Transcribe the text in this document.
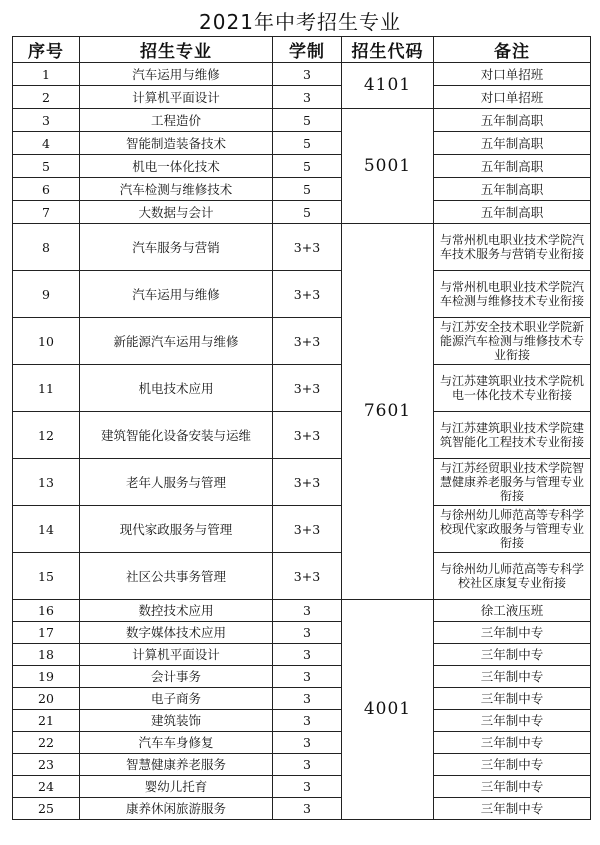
2021年中考招生专业
序号	招生专业	学制	招生代码	备注
1	汽车运用与维修	3	4101	对口单招班
2	计算机平面设计	3		对口单招班
3	工程造价	5	5001	五年制高职
4	智能制造装备技术	5		五年制高职
5	机电一体化技术	5		五年制高职
6	汽车检测与维修技术	5		五年制高职
7	大数据与会计	5		五年制高职
8	汽车服务与营销	3+3	7601	与常州机电职业技术学院汽车技术服务与营销专业衔接
9	汽车运用与维修	3+3		与常州机电职业技术学院汽车检测与维修技术专业衔接
10	新能源汽车运用与维修	3+3		与江苏安全技术职业学院新能源汽车检测与维修技术专业衔接
11	机电技术应用	3+3		与江苏建筑职业技术学院机电一体化技术专业衔接
12	建筑智能化设备安装与运维	3+3		与江苏建筑职业技术学院建筑智能化工程技术专业衔接
13	老年人服务与管理	3+3		与江苏经贸职业技术学院智慧健康养老服务与管理专业衔接
14	现代家政服务与管理	3+3		与徐州幼儿师范高等专科学校现代家政服务与管理专业衔接
15	社区公共事务管理	3+3		与徐州幼儿师范高等专科学校社区康复专业衔接
16	数控技术应用	3	4001	徐工液压班
17	数字媒体技术应用	3		三年制中专
18	计算机平面设计	3		三年制中专
19	会计事务	3		三年制中专
20	电子商务	3		三年制中专
21	建筑装饰	3		三年制中专
22	汽车车身修复	3		三年制中专
23	智慧健康养老服务	3		三年制中专
24	婴幼儿托育	3		三年制中专
25	康养休闲旅游服务	3		三年制中专
